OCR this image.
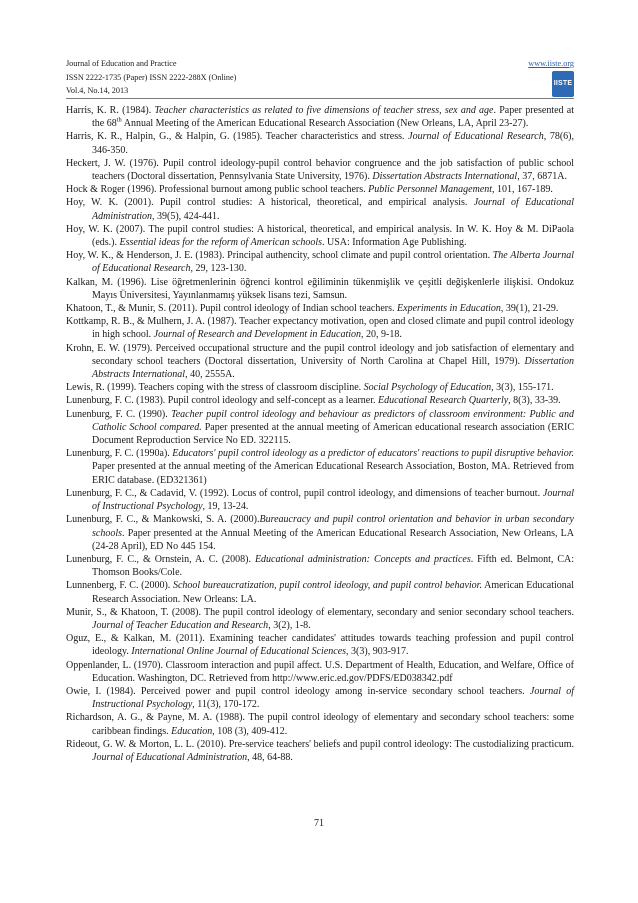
Journal of Education and Practice
ISSN 2222-1735 (Paper) ISSN 2222-288X (Online)
Vol.4, No.14, 2013
www.iiste.org
IISTE
Harris, K. R. (1984). Teacher characteristics as related to five dimensions of teacher stress, sex and age. Paper presented at the 68th Annual Meeting of the American Educational Research Association (New Orleans, LA, April 23-27).
Harris, K. R., Halpin, G., & Halpin, G. (1985). Teacher characteristics and stress. Journal of Educational Research, 78(6), 346-350.
Heckert, J. W. (1976). Pupil control ideology-pupil control behavior congruence and the job satisfaction of public school teachers (Doctoral dissertation, Pennsylvania State University, 1976). Dissertation Abstracts International, 37, 6871A.
Hock & Roger (1996). Professional burnout among public school teachers. Public Personnel Management, 101, 167-189.
Hoy, W. K. (2001). Pupil control studies: A historical, theoretical, and empirical analysis. Journal of Educational Administration, 39(5), 424-441.
Hoy, W. K. (2007). The pupil control studies: A historical, theoretical, and empirical analysis. In W. K. Hoy & M. DiPaola (eds.). Essential ideas for the reform of American schools. USA: Information Age Publishing.
Hoy, W. K., & Henderson, J. E. (1983). Principal authencity, school climate and pupil control orientation. The Alberta Journal of Educational Research, 29, 123-130.
Kalkan, M. (1996). Lise öğretmenlerinin öğrenci kontrol eğiliminin tükenmişlik ve çeşitli değişkenlerle ilişkisi. Ondokuz Mayıs Üniversitesi, Yayınlanmamış yüksek lisans tezi, Samsun.
Khatoon, T., & Munir, S. (2011). Pupil control ideology of Indian school teachers. Experiments in Education, 39(1), 21-29.
Kottkamp, R. B., & Mulhern, J. A. (1987). Teacher expectancy motivation, open and closed climate and pupil control ideology in high school. Journal of Research and Development in Education, 20, 9-18.
Krohn, E. W. (1979). Perceived occupational structure and the pupil control ideology and job satisfaction of elementary and secondary school teachers (Doctoral dissertation, University of North Carolina at Chapel Hill, 1979). Dissertation Abstracts International, 40, 2555A.
Lewis, R. (1999). Teachers coping with the stress of classroom discipline. Social Psychology of Education, 3(3), 155-171.
Lunenburg, F. C. (1983). Pupil control ideology and self-concept as a learner. Educational Research Quarterly, 8(3), 33-39.
Lunenburg, F. C. (1990). Teacher pupil control ideology and behaviour as predictors of classroom environment: Public and Catholic School compared. Paper presented at the annual meeting of American educational research association (ERIC Document Reproduction Service No ED. 322115.
Lunenburg, F. C. (1990a). Educators' pupil control ideology as a predictor of educators' reactions to pupil disruptive behavior. Paper presented at the annual meeting of the American Educational Research Association, Boston, MA. Retrieved from ERIC database. (ED321361)
Lunenburg, F. C., & Cadavid, V. (1992). Locus of control, pupil control ideology, and dimensions of teacher burnout. Journal of Instructional Psychology, 19, 13-24.
Lunenburg, F. C., & Mankowski, S. A. (2000).Bureaucracy and pupil control orientation and behavior in urban secondary schools. Paper presented at the Annual Meeting of the American Educational Research Association, New Orleans, LA (24-28 April), ED No 445 154.
Lunenburg, F. C., & Ornstein, A. C. (2008). Educational administration: Concepts and practices. Fifth ed. Belmont, CA: Thomson Books/Cole.
Lunnenberg, F. C. (2000). School bureaucratization, pupil control ideology, and pupil control behavior. American Educational Research Association. New Orleans: LA.
Munir, S., & Khatoon, T. (2008). The pupil control ideology of elementary, secondary and senior secondary school teachers. Journal of Teacher Education and Research, 3(2), 1-8.
Oguz, E., & Kalkan, M. (2011). Examining teacher candidates' attitudes towards teaching profession and pupil control ideology. International Online Journal of Educational Sciences, 3(3), 903-917.
Oppenlander, L. (1970). Classroom interaction and pupil affect. U.S. Department of Health, Education, and Welfare, Office of Education. Washington, DC. Retrieved from http://www.eric.ed.gov/PDFS/ED038342.pdf
Owie, I. (1984). Perceived power and pupil control ideology among in-service secondary school teachers. Journal of Instructional Psychology, 11(3), 170-172.
Richardson, A. G., & Payne, M. A. (1988). The pupil control ideology of elementary and secondary school teachers: some caribbean findings. Education, 108 (3), 409-412.
Rideout, G. W. & Morton, L. L. (2010). Pre-service teachers' beliefs and pupil control ideology: The custodializing practicum. Journal of Educational Administration, 48, 64-88.
71
